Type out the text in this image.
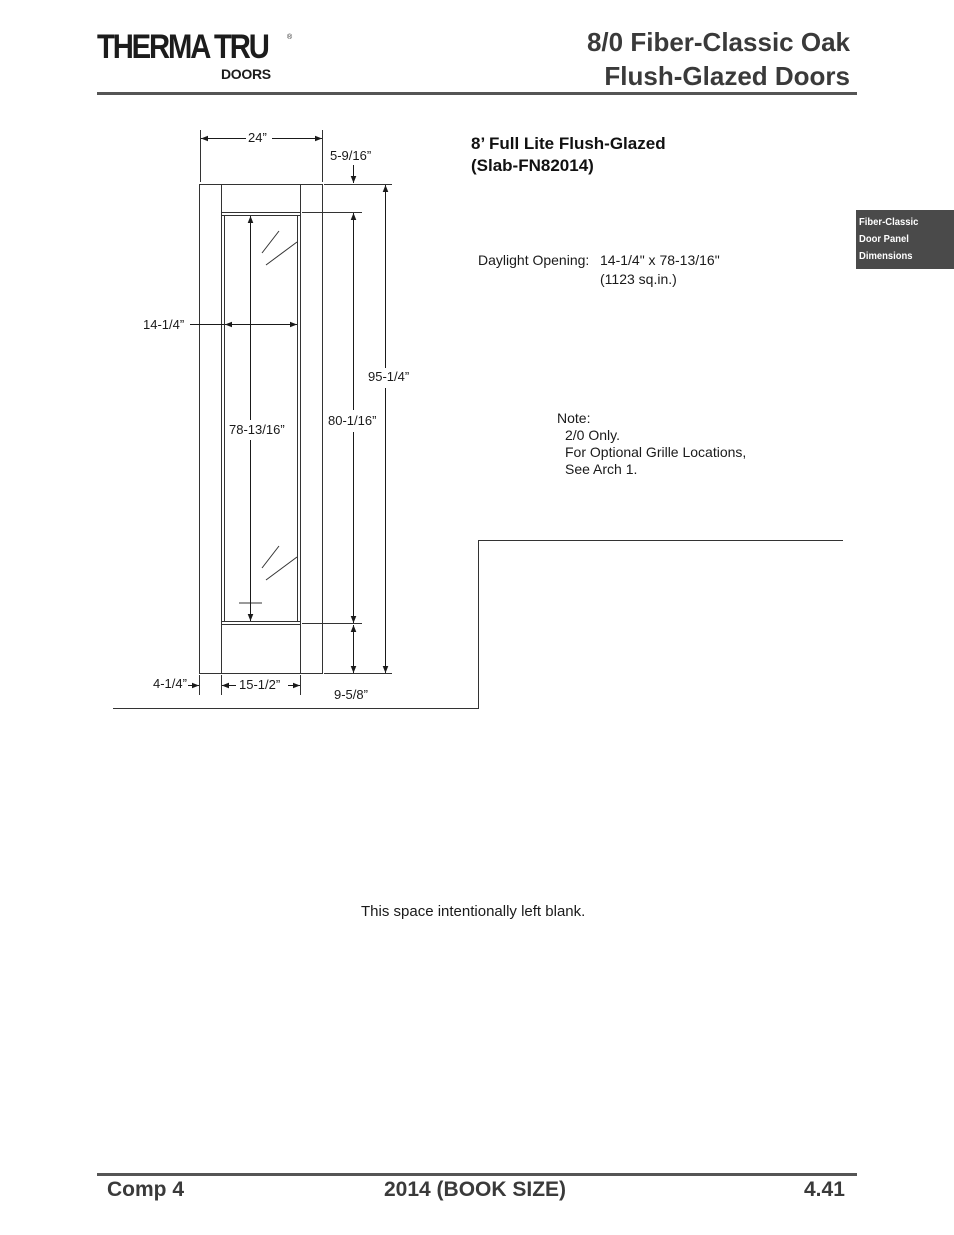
THERMA TRU	®
DOORS
8/0 Fiber-Classic Oak
Flush-Glazed Doors
Fiber-Classic
Door Panel
Dimensions
8’ Full Lite Flush-Glazed
(Slab-FN82014)
Daylight Opening: 14-1/4" x 78-13/16"
(1123 sq.in.)
Note:
2/0 Only.
For Optional Grille Locations,
See Arch 1.
24”
5-9/16”
14-1/4”
95-1/4”
80-1/16”
78-13/16”
4-1/4”	15-1/2”
9-5/8”
This space intentionally left blank.
Comp 4	2014 (BOOK SIZE)	4.41
